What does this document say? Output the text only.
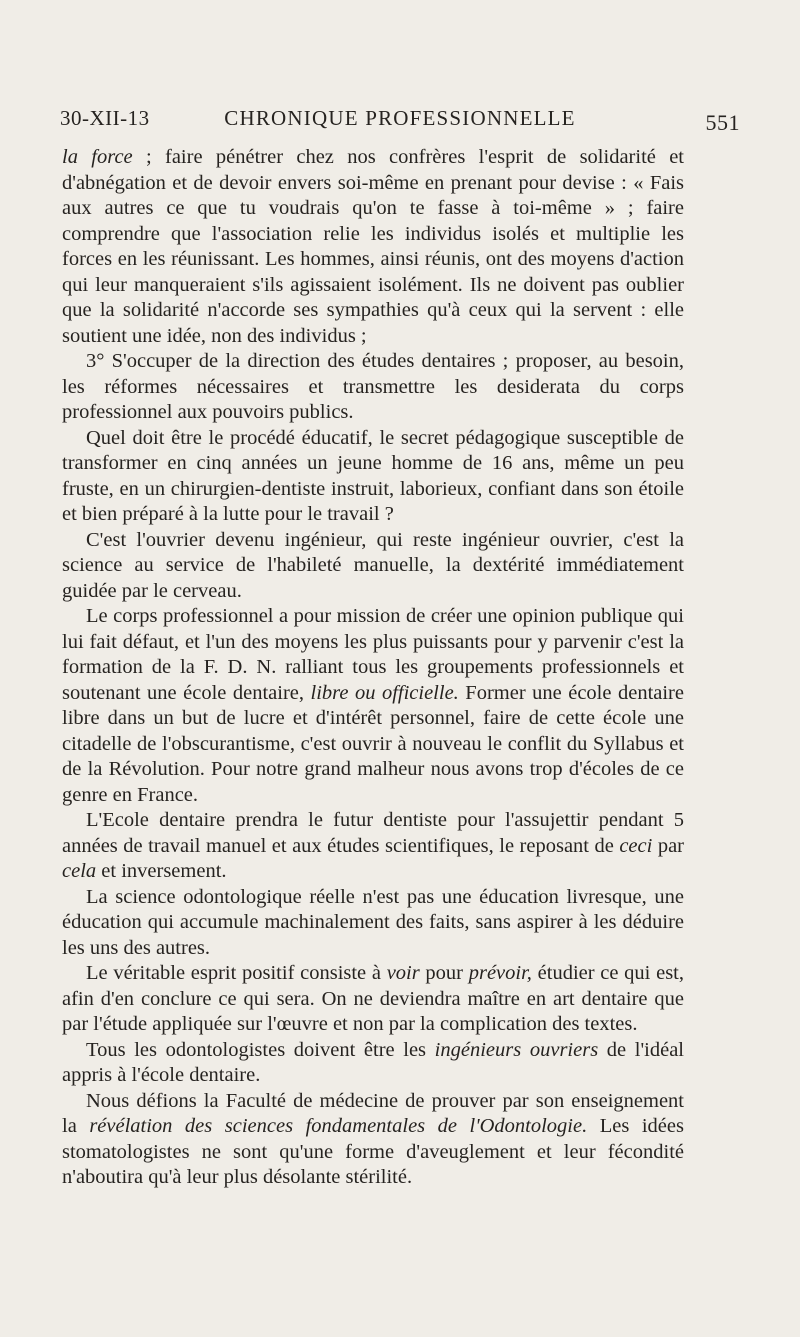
30-XII-13	CHRONIQUE PROFESSIONNELLE	551

la force ; faire pénétrer chez nos confrères l'esprit de solidarité et d'abnégation et de devoir envers soi-même en prenant pour devise : « Fais aux autres ce que tu voudrais qu'on te fasse à toi-même » ; faire comprendre que l'association relie les individus isolés et multiplie les forces en les réunissant. Les hommes, ainsi réunis, ont des moyens d'action qui leur manqueraient s'ils agissaient isolément. Ils ne doivent pas oublier que la solidarité n'accorde ses sympathies qu'à ceux qui la servent : elle soutient une idée, non des individus ;

3° S'occuper de la direction des études dentaires ; proposer, au besoin, les réformes nécessaires et transmettre les desiderata du corps professionnel aux pouvoirs publics.

Quel doit être le procédé éducatif, le secret pédagogique susceptible de transformer en cinq années un jeune homme de 16 ans, même un peu fruste, en un chirurgien-dentiste instruit, laborieux, confiant dans son étoile et bien préparé à la lutte pour le travail ?

C'est l'ouvrier devenu ingénieur, qui reste ingénieur ouvrier, c'est la science au service de l'habileté manuelle, la dextérité immédiatement guidée par le cerveau.

Le corps professionnel a pour mission de créer une opinion publique qui lui fait défaut, et l'un des moyens les plus puissants pour y parvenir c'est la formation de la F. D. N. ralliant tous les groupements professionnels et soutenant une école dentaire, libre ou officielle. Former une école dentaire libre dans un but de lucre et d'intérêt personnel, faire de cette école une citadelle de l'obscurantisme, c'est ouvrir à nouveau le conflit du Syllabus et de la Révolution. Pour notre grand malheur nous avons trop d'écoles de ce genre en France.

L'Ecole dentaire prendra le futur dentiste pour l'assujettir pendant 5 années de travail manuel et aux études scientifiques, le reposant de ceci par cela et inversement.

La science odontologique réelle n'est pas une éducation livresque, une éducation qui accumule machinalement des faits, sans aspirer à les déduire les uns des autres.

Le véritable esprit positif consiste à voir pour prévoir, étudier ce qui est, afin d'en conclure ce qui sera. On ne deviendra maître en art dentaire que par l'étude appliquée sur l'œuvre et non par la complication des textes.

Tous les odontologistes doivent être les ingénieurs ouvriers de l'idéal appris à l'école dentaire.

Nous défions la Faculté de médecine de prouver par son enseignement la révélation des sciences fondamentales de l'Odontologie. Les idées stomatologistes ne sont qu'une forme d'aveuglement et leur fécondité n'aboutira qu'à leur plus désolante stérilité.
